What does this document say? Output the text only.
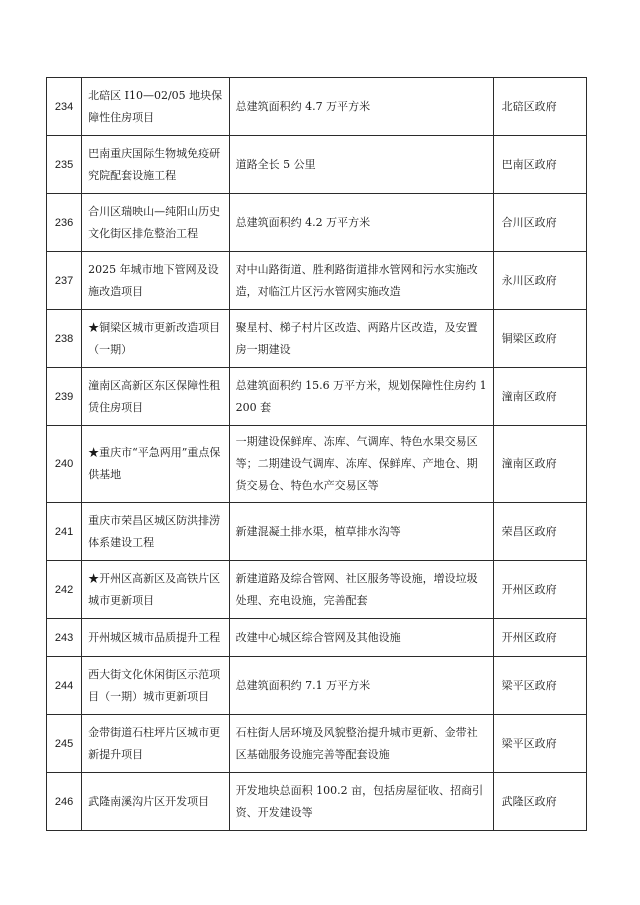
234	北碚区 I10—02/05 地块保障性住房项目	总建筑面积约 4.7 万平方米	北碚区政府
235	巴南重庆国际生物城免疫研究院配套设施工程	道路全长 5 公里	巴南区政府
236	合川区瑞映山—纯阳山历史文化街区排危整治工程	总建筑面积约 4.2 万平方米	合川区政府
237	2025 年城市地下管网及设施改造项目	对中山路街道、胜利路街道排水管网和污水实施改造，对临江片区污水管网实施改造	永川区政府
238	★铜梁区城市更新改造项目（一期）	聚星村、梯子村片区改造、两路片区改造，及安置房一期建设	铜梁区政府
239	潼南区高新区东区保障性租赁住房项目	总建筑面积约 15.6 万平方米，规划保障性住房约 1200 套	潼南区政府
240	★重庆市“平急两用”重点保供基地	一期建设保鲜库、冻库、气调库、特色水果交易区等；二期建设气调库、冻库、保鲜库、产地仓、期货交易仓、特色水产交易区等	潼南区政府
241	重庆市荣昌区城区防洪排涝体系建设工程	新建混凝土排水渠，植草排水沟等	荣昌区政府
242	★开州区高新区及高铁片区城市更新项目	新建道路及综合管网、社区服务等设施，增设垃圾处理、充电设施，完善配套	开州区政府
243	开州城区城市品质提升工程	改建中心城区综合管网及其他设施	开州区政府
244	西大街文化休闲街区示范项目（一期）城市更新项目	总建筑面积约 7.1 万平方米	梁平区政府
245	金带街道石柱坪片区城市更新提升项目	石柱街人居环境及风貌整治提升城市更新、金带社区基础服务设施完善等配套设施	梁平区政府
246	武隆南溪沟片区开发项目	开发地块总面积 100.2 亩，包括房屋征收、招商引资、开发建设等	武隆区政府
